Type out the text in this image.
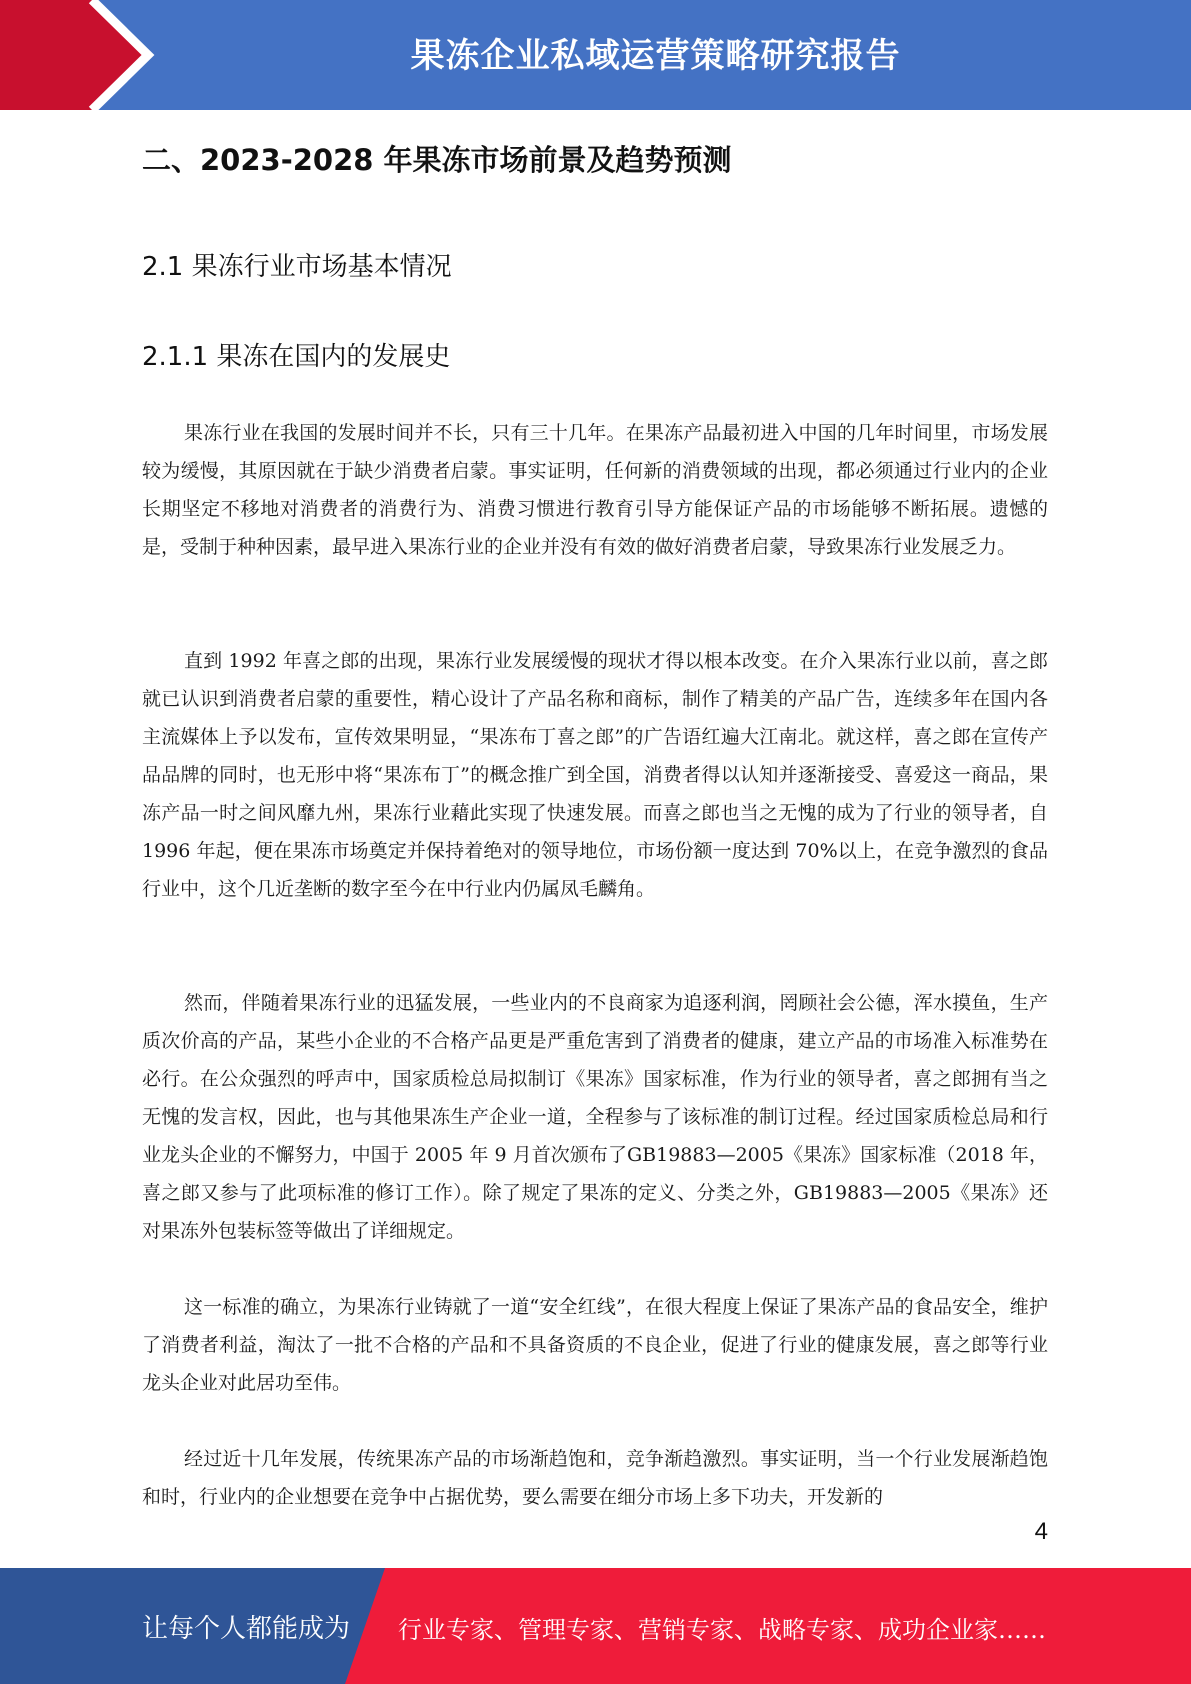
果冻企业私域运营策略研究报告
二、2023-2028 年果冻市场前景及趋势预测
2.1 果冻行业市场基本情况
2.1.1 果冻在国内的发展史

果冻行业在我国的发展时间并不长，只有三十几年。在果冻产品最初进入中国的几年时间里，市场发展较为缓慢，其原因就在于缺少消费者启蒙。事实证明，任何新的消费领域的出现，都必须通过行业内的企业长期坚定不移地对消费者的消费行为、消费习惯进行教育引导方能保证产品的市场能够不断拓展。遗憾的是，受制于种种因素，最早进入果冻行业的企业并没有有效的做好消费者启蒙，导致果冻行业发展乏力。

直到 1992 年喜之郎的出现，果冻行业发展缓慢的现状才得以根本改变。在介入果冻行业以前，喜之郎就已认识到消费者启蒙的重要性，精心设计了产品名称和商标，制作了精美的产品广告，连续多年在国内各主流媒体上予以发布，宣传效果明显，“果冻布丁喜之郎”的广告语红遍大江南北。就这样，喜之郎在宣传产品品牌的同时，也无形中将“果冻布丁”的概念推广到全国，消费者得以认知并逐渐接受、喜爱这一商品，果冻产品一时之间风靡九州，果冻行业藉此实现了快速发展。而喜之郎也当之无愧的成为了行业的领导者，自 1996 年起，便在果冻市场奠定并保持着绝对的领导地位，市场份额一度达到 70%以上，在竞争激烈的食品行业中，这个几近垄断的数字至今在中行业内仍属凤毛麟角。

然而，伴随着果冻行业的迅猛发展，一些业内的不良商家为追逐利润，罔顾社会公德，浑水摸鱼，生产质次价高的产品，某些小企业的不合格产品更是严重危害到了消费者的健康，建立产品的市场准入标准势在必行。在公众强烈的呼声中，国家质检总局拟制订《果冻》国家标准，作为行业的领导者，喜之郎拥有当之无愧的发言权，因此，也与其他果冻生产企业一道，全程参与了该标准的制订过程。经过国家质检总局和行业龙头企业的不懈努力，中国于 2005 年 9 月首次颁布了GB19883—2005《果冻》国家标准（2018 年，喜之郎又参与了此项标准的修订工作）。除了规定了果冻的定义、分类之外，GB19883—2005《果冻》还对果冻外包装标签等做出了详细规定。

这一标准的确立，为果冻行业铸就了一道“安全红线”，在很大程度上保证了果冻产品的食品安全，维护了消费者利益，淘汰了一批不合格的产品和不具备资质的不良企业，促进了行业的健康发展，喜之郎等行业龙头企业对此居功至伟。

经过近十几年发展，传统果冻产品的市场渐趋饱和，竞争渐趋激烈。事实证明，当一个行业发展渐趋饱和时，行业内的企业想要在竞争中占据优势，要么需要在细分市场上多下功夫，开发新的

4
让每个人都能成为 行业专家、管理专家、营销专家、战略专家、成功企业家……
